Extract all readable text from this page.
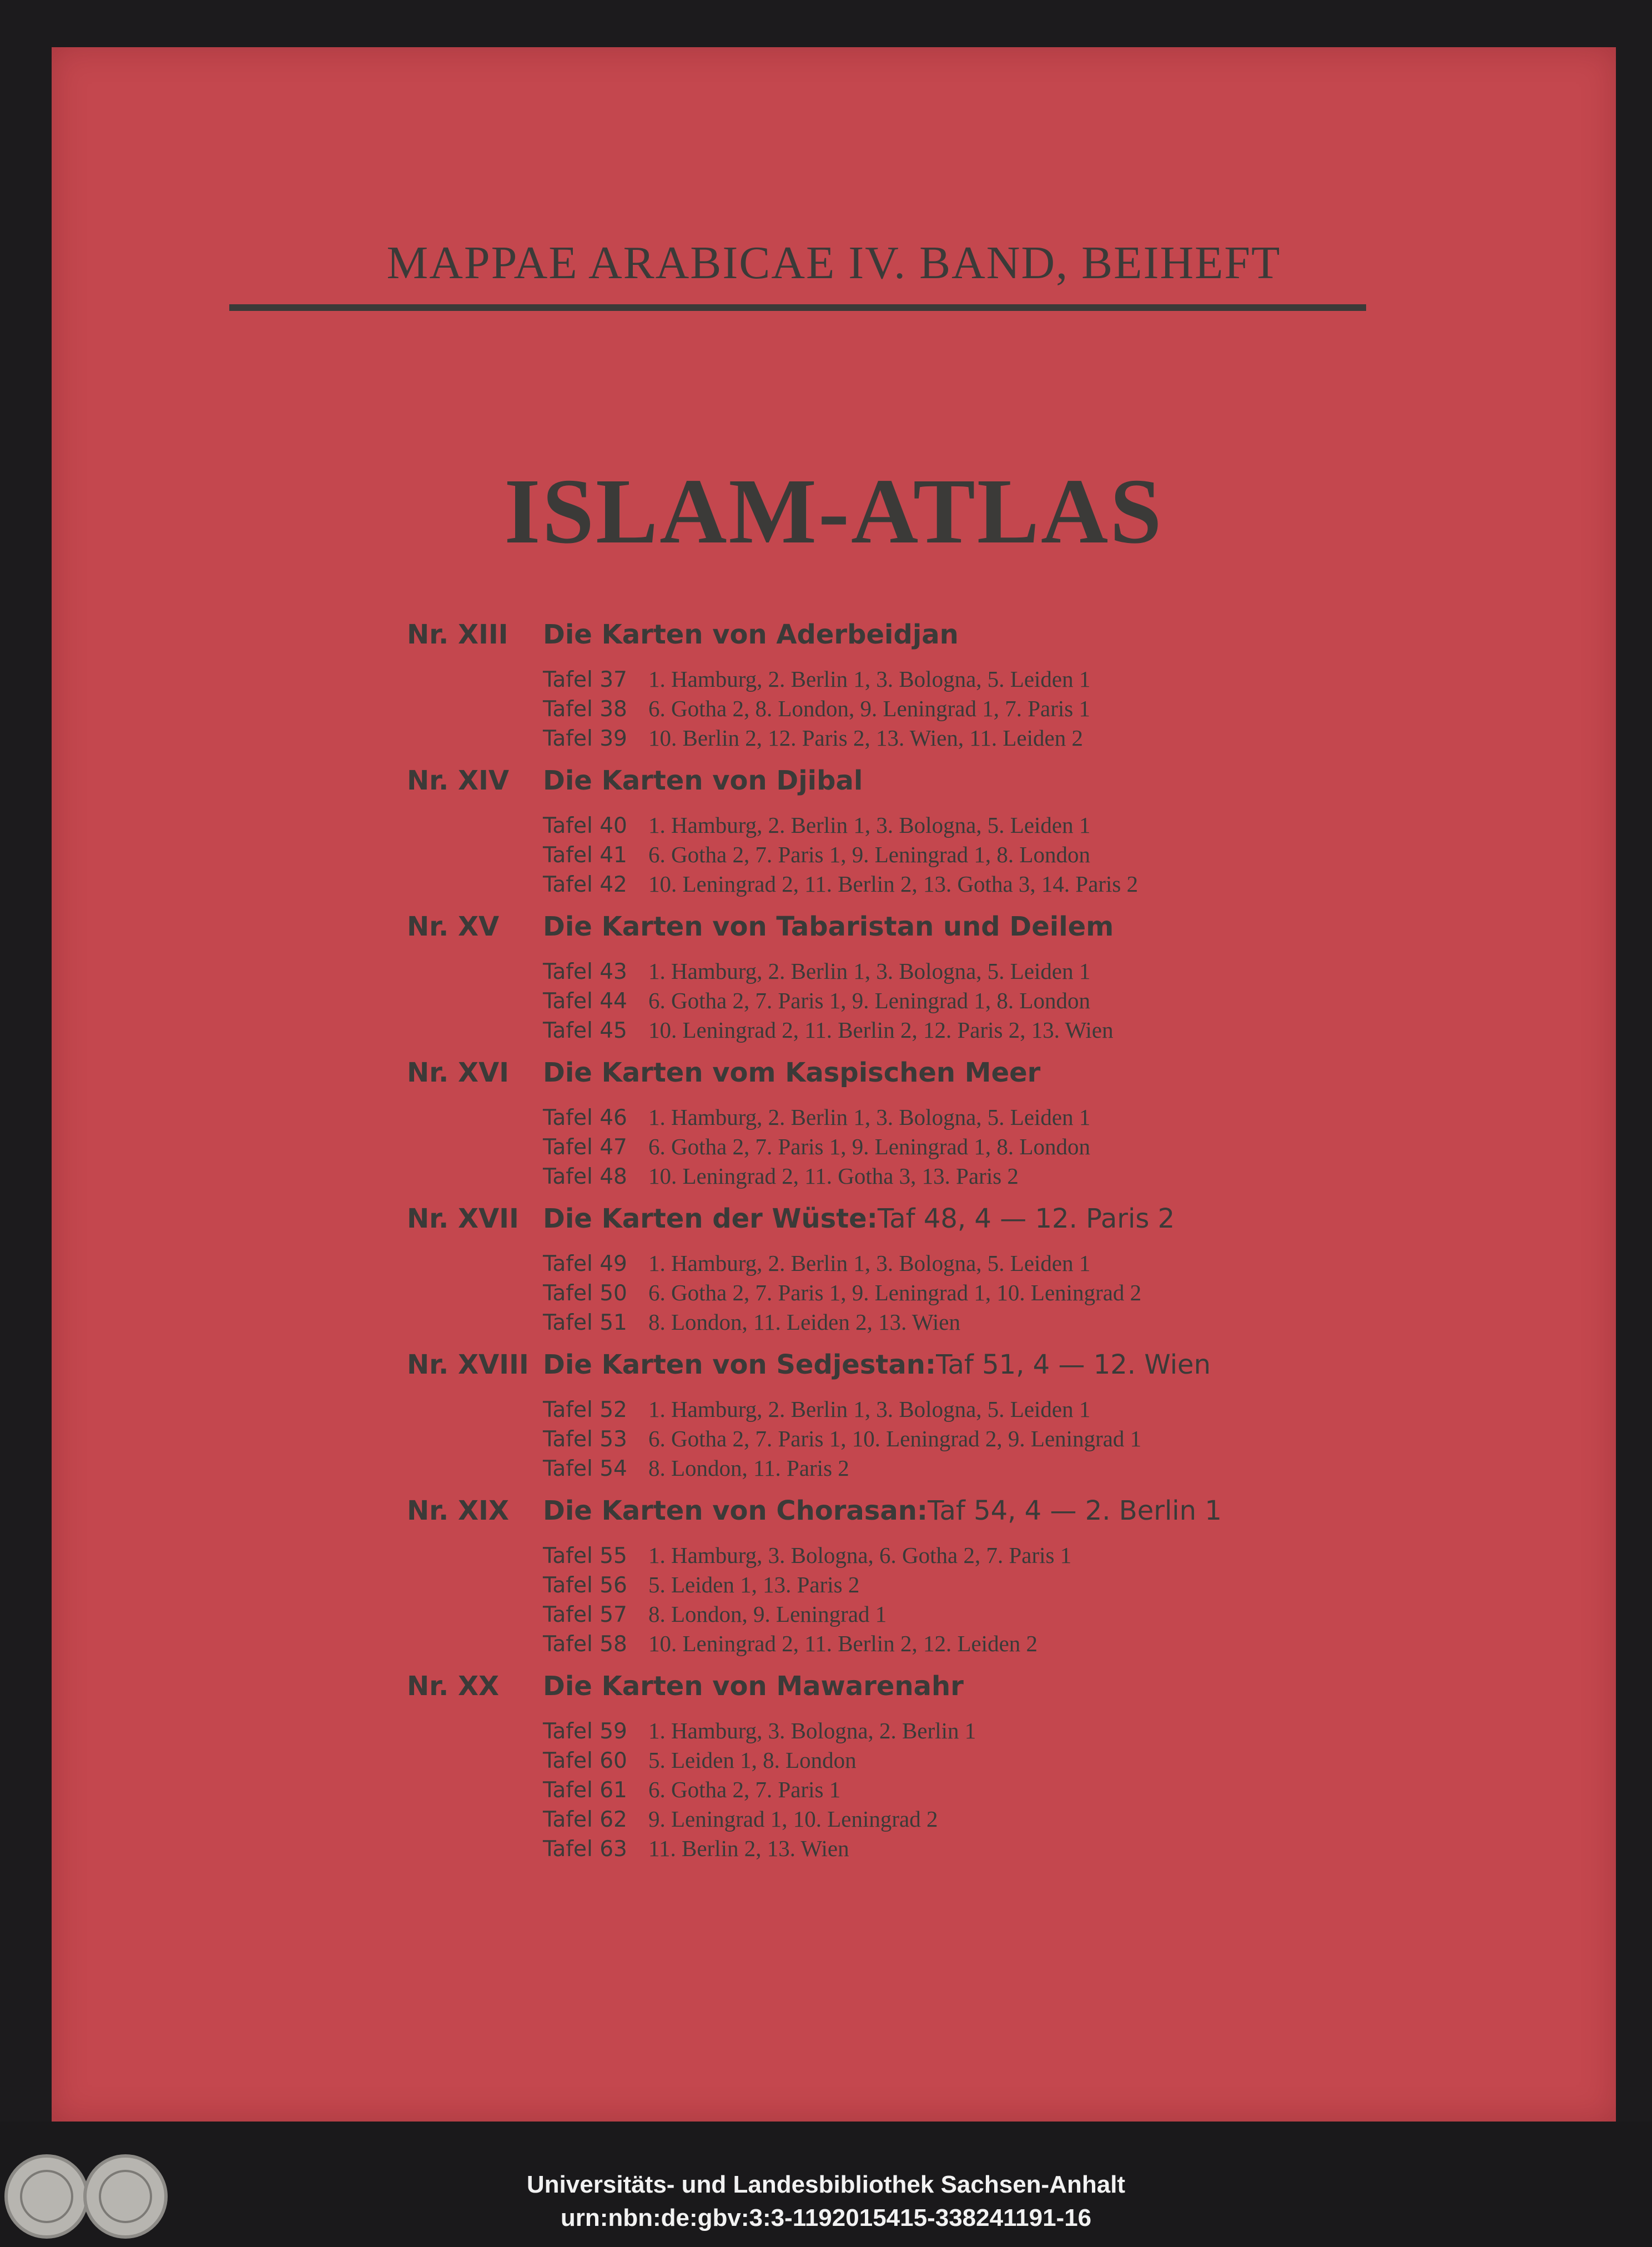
MAPPAE ARABICAE IV. BAND, BEIHEFT
ISLAM-ATLAS
Nr. XIII	Die Karten von Aderbeidjan
Tafel 37 1. Hamburg, 2. Berlin 1, 3. Bologna, 5. Leiden 1
Tafel 38 6. Gotha 2, 8. London, 9. Leningrad 1, 7. Paris 1
Tafel 39 10. Berlin 2, 12. Paris 2, 13. Wien, 11. Leiden 2
Nr. XIV	Die Karten von Djibal
Tafel 40 1. Hamburg, 2. Berlin 1, 3. Bologna, 5. Leiden 1
Tafel 41 6. Gotha 2, 7. Paris 1, 9. Leningrad 1, 8. London
Tafel 42 10. Leningrad 2, 11. Berlin 2, 13. Gotha 3, 14. Paris 2
Nr. XV	Die Karten von Tabaristan und Deilem
Tafel 43 1. Hamburg, 2. Berlin 1, 3. Bologna, 5. Leiden 1
Tafel 44 6. Gotha 2, 7. Paris 1, 9. Leningrad 1, 8. London
Tafel 45 10. Leningrad 2, 11. Berlin 2, 12. Paris 2, 13. Wien
Nr. XVI	Die Karten vom Kaspischen Meer
Tafel 46 1. Hamburg, 2. Berlin 1, 3. Bologna, 5. Leiden 1
Tafel 47 6. Gotha 2, 7. Paris 1, 9. Leningrad 1, 8. London
Tafel 48 10. Leningrad 2, 11. Gotha 3, 13. Paris 2
Nr. XVII Die Karten der Wüste: Taf 48, 4 — 12. Paris 2
Tafel 49 1. Hamburg, 2. Berlin 1, 3. Bologna, 5. Leiden 1
Tafel 50 6. Gotha 2, 7. Paris 1, 9. Leningrad 1, 10. Leningrad 2
Tafel 51 8. London, 11. Leiden 2, 13. Wien
Nr. XVIII Die Karten von Sedjestan: Taf 51, 4 — 12. Wien
Tafel 52 1. Hamburg, 2. Berlin 1, 3. Bologna, 5. Leiden 1
Tafel 53 6. Gotha 2, 7. Paris 1, 10. Leningrad 2, 9. Leningrad 1
Tafel 54 8. London, 11. Paris 2
Nr. XIX	Die Karten von Chorasan: Taf 54, 4 — 2. Berlin 1
Tafel 55 1. Hamburg, 3. Bologna, 6. Gotha 2, 7. Paris 1
Tafel 56 5. Leiden 1, 13. Paris 2
Tafel 57 8. London, 9. Leningrad 1
Tafel 58 10. Leningrad 2, 11. Berlin 2, 12. Leiden 2
Nr. XX	Die Karten von Mawarenahr
Tafel 59 1. Hamburg, 3. Bologna, 2. Berlin 1
Tafel 60 5. Leiden 1, 8. London
Tafel 61 6. Gotha 2, 7. Paris 1
Tafel 62 9. Leningrad 1, 10. Leningrad 2
Tafel 63 11. Berlin 2, 13. Wien
Universitäts- und Landesbibliothek Sachsen-Anhalt
urn:nbn:de:gbv:3:3-1192015415-338241191-16
